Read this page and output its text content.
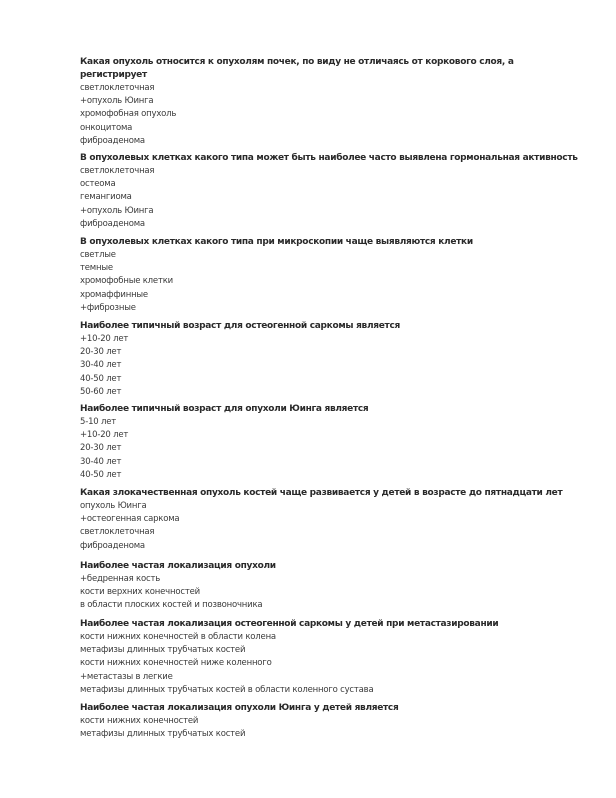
Какая опухоль относится к опухолям почек, по виду не отличаясь от коркового слоя, а регистрирует
светлоклеточная
+опухоль Юинга
хромофобная опухоль
онкоцитома
фиброаденома
В опухолевых клетках какого типа может быть наиболее часто выявлена гормональная активность
светлоклеточная
остеома
гемангиома
+опухоль Юинга
фиброаденома
В опухолевых клетках какого типа при микроскопии чаще выявляются клетки
светлые
темные
хромофобные клетки
хромаффинные
+фиброзные
Наиболее типичный возраст для остеогенной саркомы является
+10-20 лет
20-30 лет
30-40 лет
40-50 лет
50-60 лет
Наиболее типичный возраст для опухоли Юинга является
5-10 лет
+10-20 лет
20-30 лет
30-40 лет
40-50 лет
Какая злокачественная опухоль костей чаще развивается у детей в возрасте до пятнадцати лет
опухоль Юинга
+остеогенная саркома
светлоклеточная
фиброаденома
Наиболее частая локализация опухоли
+бедренная кость
кости верхних конечностей
в области плоских костей и позвоночника
Наиболее частая локализация остеогенной саркомы у детей при метастазировании
кости нижних конечностей в области колена
метафизы длинных трубчатых костей
кости нижних конечностей ниже коленного
+метастазы в легкие
метафизы длинных трубчатых костей в области коленного сустава
Наиболее частая локализация опухоли Юинга у детей является
кости нижних конечностей
метафизы длинных трубчатых костей
